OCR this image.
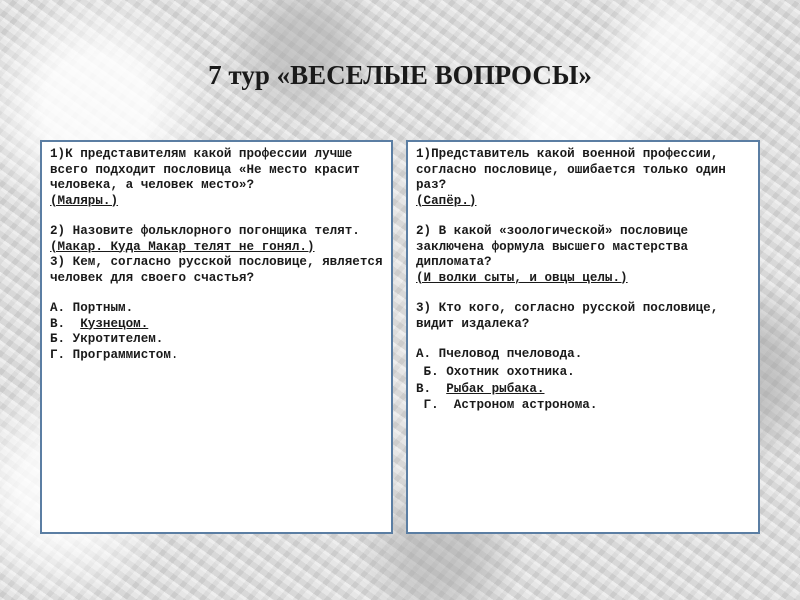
7 тур «ВЕСЕЛЫЕ ВОПРОСЫ»

1)К представителям какой профессии лучше всего подходит пословица «Не место красит человека, а человек место»?

(Маляры.)

2) Назовите фольклорного погонщика телят.

(Макар. Куда Макар телят не гонял.)

3) Кем, согласно русской пословице, является человек для своего счастья?

А. Портным.

В.  Кузнецом.

Б. Укротителем.

Г. Программистом.

1)Представитель какой военной профессии, согласно пословице, ошибается только один раз?

(Сапёр.)

2) В какой «зоологической» пословице заключена формула высшего мастерства дипломата?

(И волки сыты, и овцы целы.)

3) Кто кого, согласно русской пословице, видит издалека?

А. Пчеловод пчеловода.

Б. Охотник охотника.

В.  Рыбак рыбака.

Г.  Астроном астронома.
